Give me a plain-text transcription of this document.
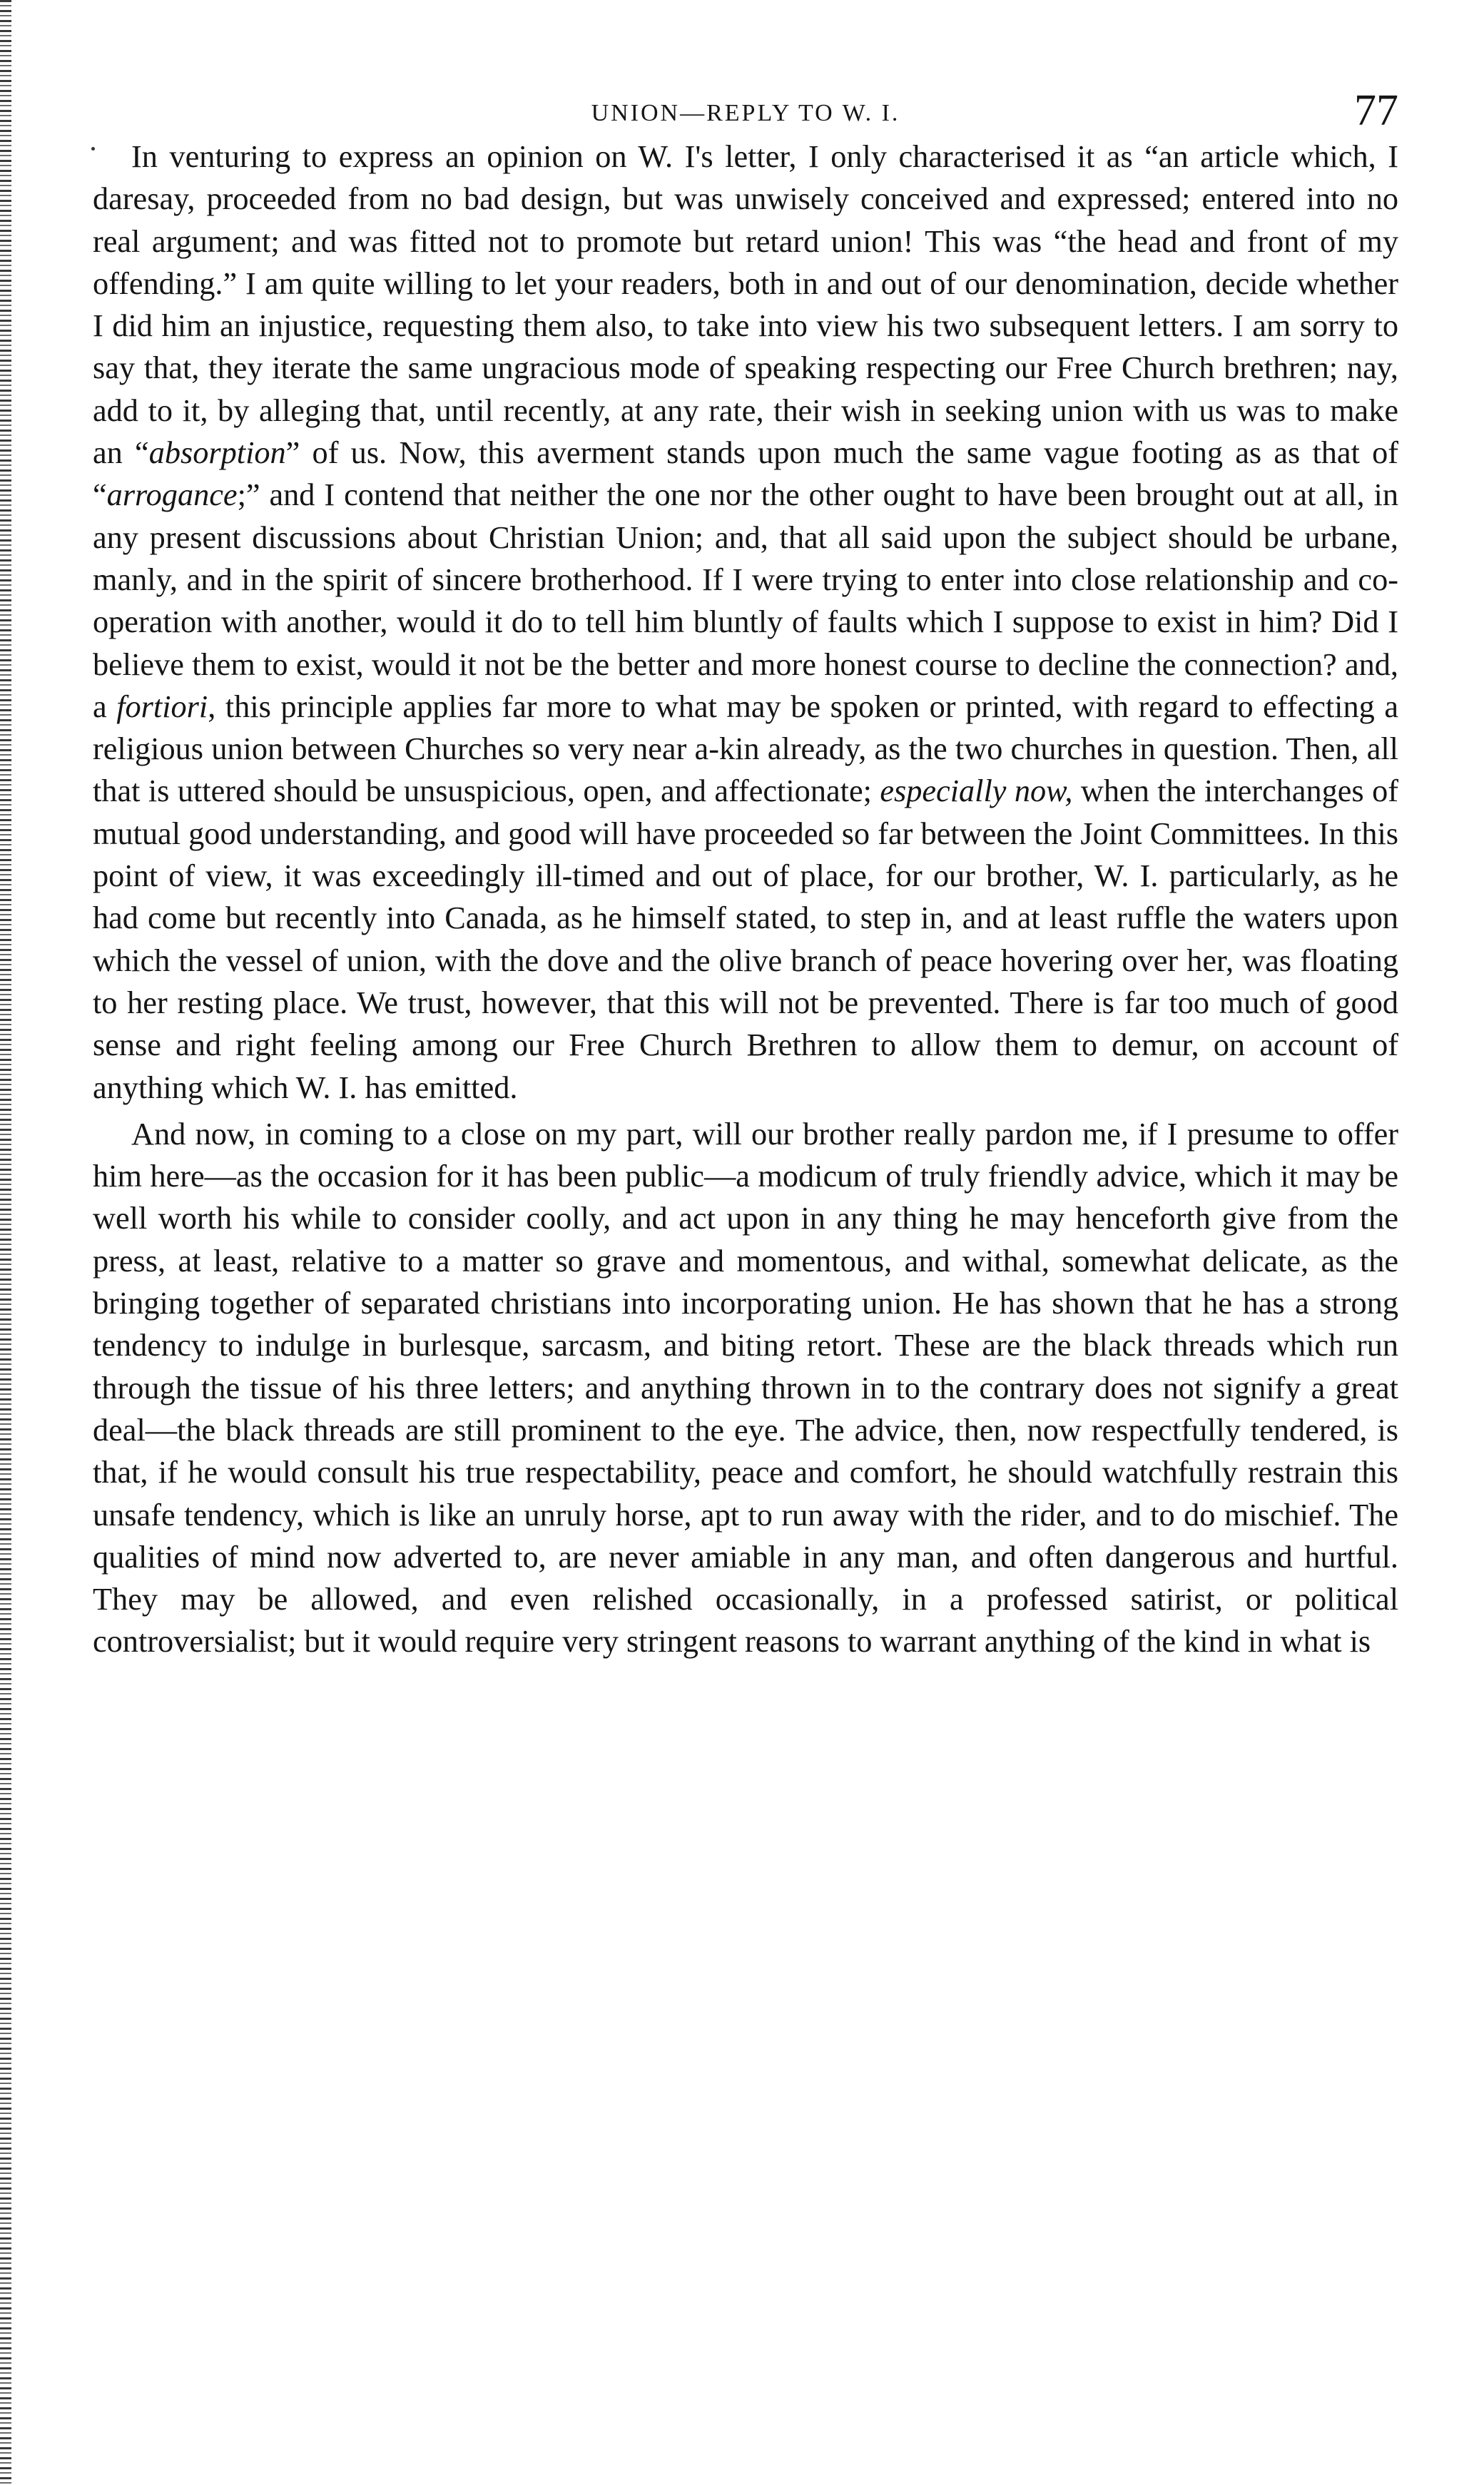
UNION—REPLY TO W. I.	77

In venturing to express an opinion on W. I's letter, I only characterised it as “an article which, I daresay, proceeded from no bad design, but was unwisely conceived and expressed; entered into no real argument; and was fitted not to promote but retard union! This was “the head and front of my offending.” I am quite willing to let your readers, both in and out of our denomination, decide whether I did him an injustice, requesting them also, to take into view his two subsequent letters. I am sorry to say that, they iterate the same ungracious mode of speaking respecting our Free Church brethren; nay, add to it, by alleging that, until recently, at any rate, their wish in seeking union with us was to make an “absorption” of us. Now, this averment stands upon much the same vague footing as as that of “arrogance;” and I contend that neither the one nor the other ought to have been brought out at all, in any present discussions about Christian Union; and, that all said upon the subject should be urbane, manly, and in the spirit of sincere brotherhood. If I were trying to enter into close relationship and co-operation with another, would it do to tell him bluntly of faults which I suppose to exist in him? Did I believe them to exist, would it not be the better and more honest course to decline the connection? and, a fortiori, this principle applies far more to what may be spoken or printed, with regard to effecting a religious union between Churches so very near a-kin already, as the two churches in question. Then, all that is uttered should be unsuspicious, open, and affectionate; especially now, when the interchanges of mutual good understanding, and good will have proceeded so far between the Joint Committees. In this point of view, it was exceedingly ill-timed and out of place, for our brother, W. I. particularly, as he had come but recently into Canada, as he himself stated, to step in, and at least ruffle the waters upon which the vessel of union, with the dove and the olive branch of peace hovering over her, was floating to her resting place. We trust, however, that this will not be prevented. There is far too much of good sense and right feeling among our Free Church Brethren to allow them to demur, on account of anything which W. I. has emitted.

And now, in coming to a close on my part, will our brother really pardon me, if I presume to offer him here—as the occasion for it has been public—a modicum of truly friendly advice, which it may be well worth his while to consider coolly, and act upon in any thing he may henceforth give from the press, at least, relative to a matter so grave and momentous, and withal, somewhat delicate, as the bringing together of separated christians into incorporating union. He has shown that he has a strong tendency to indulge in burlesque, sarcasm, and biting retort. These are the black threads which run through the tissue of his three letters; and anything thrown in to the contrary does not signify a great deal—the black threads are still prominent to the eye. The advice, then, now respectfully tendered, is that, if he would consult his true respectability, peace and comfort, he should watchfully restrain this unsafe tendency, which is like an unruly horse, apt to run away with the rider, and to do mischief. The qualities of mind now adverted to, are never amiable in any man, and often dangerous and hurtful. They may be allowed, and even relished occasionally, in a professed satirist, or political controversialist; but it would require very stringent reasons to warrant anything of the kind in what is
